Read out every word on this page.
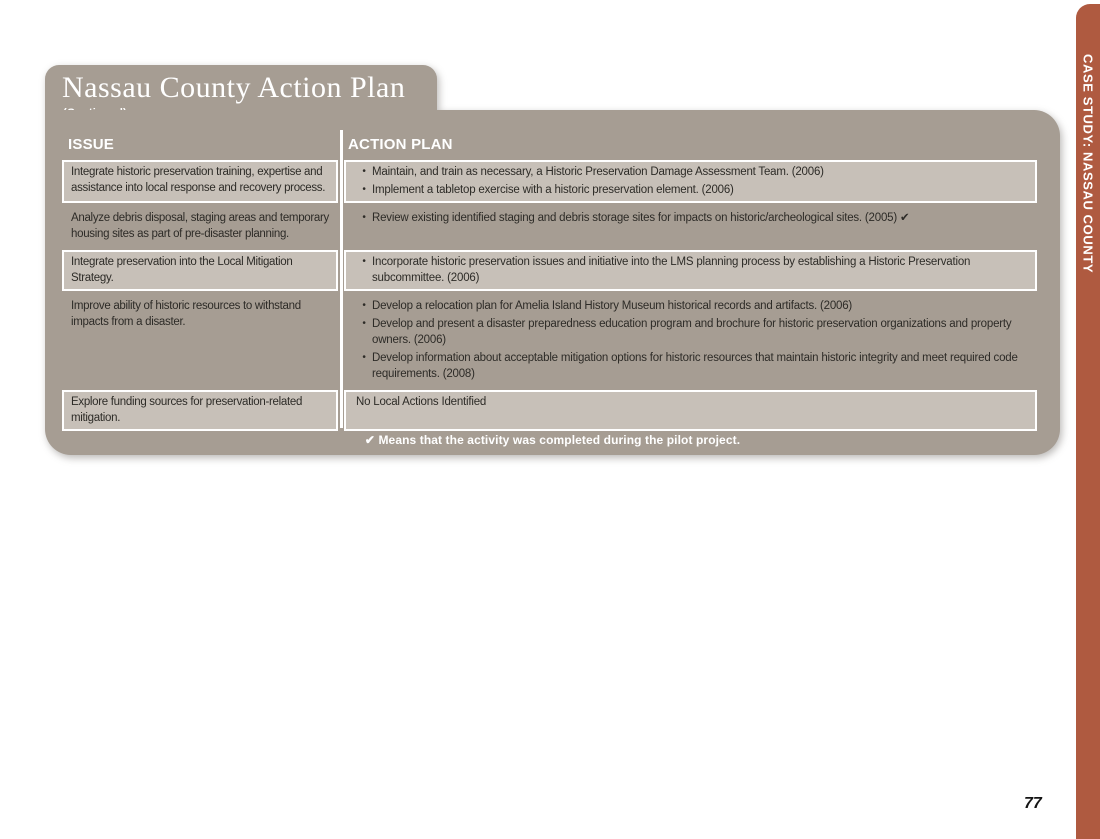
Nassau County Action Plan
ISSUE	ACTION PLAN
Integrate historic preservation training, expertise and assistance into local response and recovery process.
• Maintain, and train as necessary, a Historic Preservation Damage Assessment Team. (2006)
• Implement a tabletop exercise with a historic preservation element. (2006)
Analyze debris disposal, staging areas and temporary housing sites as part of pre-disaster planning.
• Review existing identified staging and debris storage sites for impacts on historic/archeological sites. (2005) ✔
Integrate preservation into the Local Mitigation Strategy.
• Incorporate historic preservation issues and initiative into the LMS planning process by establishing a Historic Preservation subcommittee. (2006)
Improve ability of historic resources to withstand impacts from a disaster.
• Develop a relocation plan for Amelia Island History Museum historical records and artifacts. (2006)
• Develop and present a disaster preparedness education program and brochure for historic preservation organizations and property owners. (2006)
• Develop information about acceptable mitigation options for historic resources that maintain historic integrity and meet required code requirements. (2008)
Explore funding sources for preservation-related mitigation.
No Local Actions Identified
✔ Means that the activity was completed during the pilot project.
77
CASE STUDY: NASSAU COUNTY
